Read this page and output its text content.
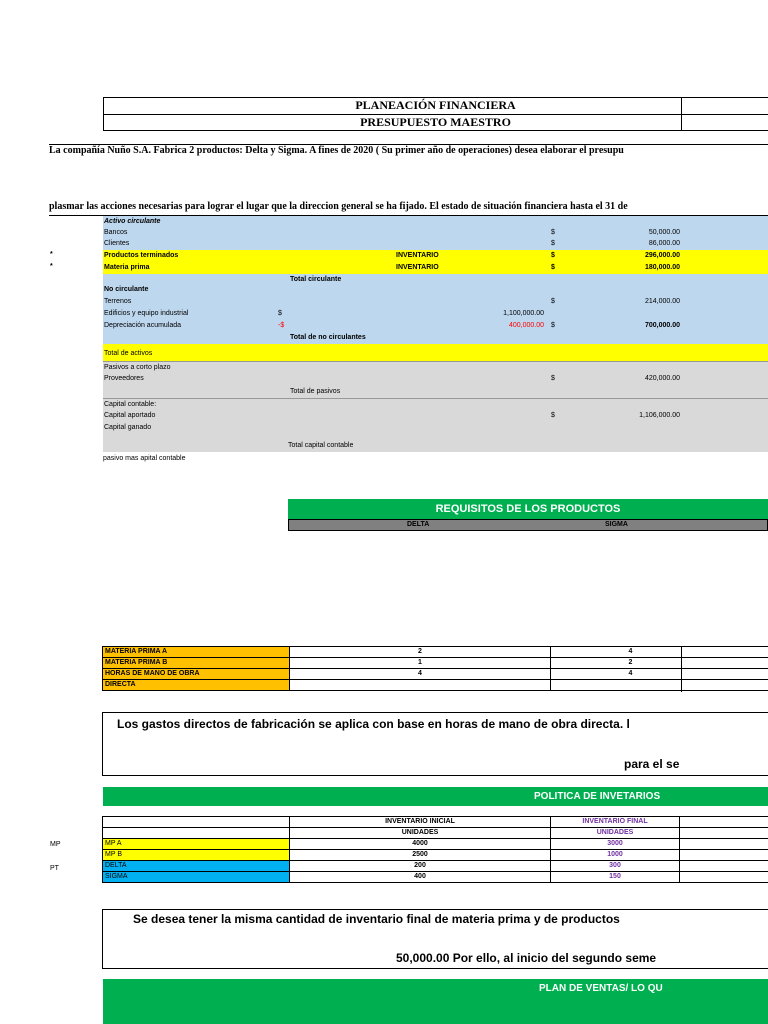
PLANEACIÓN FINANCIERA
PRESUPUESTO MAESTRO
La compañía Nuño S.A. Fabrica 2 productos: Delta y Sigma. A fines de 2020 ( Su primer año de operaciones) desea elaborar el presupu
plasmar las acciones necesarias para lograr el lugar que la direccion general se ha fijado. El estado de situación financiera hasta el 31 de
Activo circulante
Bancos	$	50,000.00
Clientes	$	86,000.00
*	Productos terminados	INVENTARIO	$	296,000.00
*	Materia prima	INVENTARIO	$	180,000.00
Total circulante
No circulante
Terrenos	$	214,000.00
Edificios y equipo industrial	$	1,100,000.00
Depreciación acumulada	-$	400,000.00 $	700,000.00
Total de no circulantes
Total de activos
Pasivos a corto plazo
Proveedores	$	420,000.00
Total de pasivos
Capital contable:
Capital aportado	$	1,106,000.00
Capital ganado
Total capital contable
pasivo mas apital contable
REQUISITOS DE LOS PRODUCTOS
DELTA	SIGMA
MATERIA PRIMA A	2	4
MATERIA PRIMA B	1	2
HORAS DE MANO DE OBRA	4	4
DIRECTA		
Los gastos directos de fabricación se aplica con base en horas de mano de obra directa. l
para el se
POLITICA DE INVETARIOS
	INVENTARIO INICIAL	INVENTARIO FINAL	
	UNIDADES	UNIDADES	
MP A	4000	3000	
MP B	2500	1000	
DELTA	200	300	
SIGMA	400	150	
MP
PT
Se desea tener la misma cantidad de inventario final de materia prima y de productos
50,000.00 Por ello, al inicio del segundo seme
PLAN DE VENTAS/ LO QU
